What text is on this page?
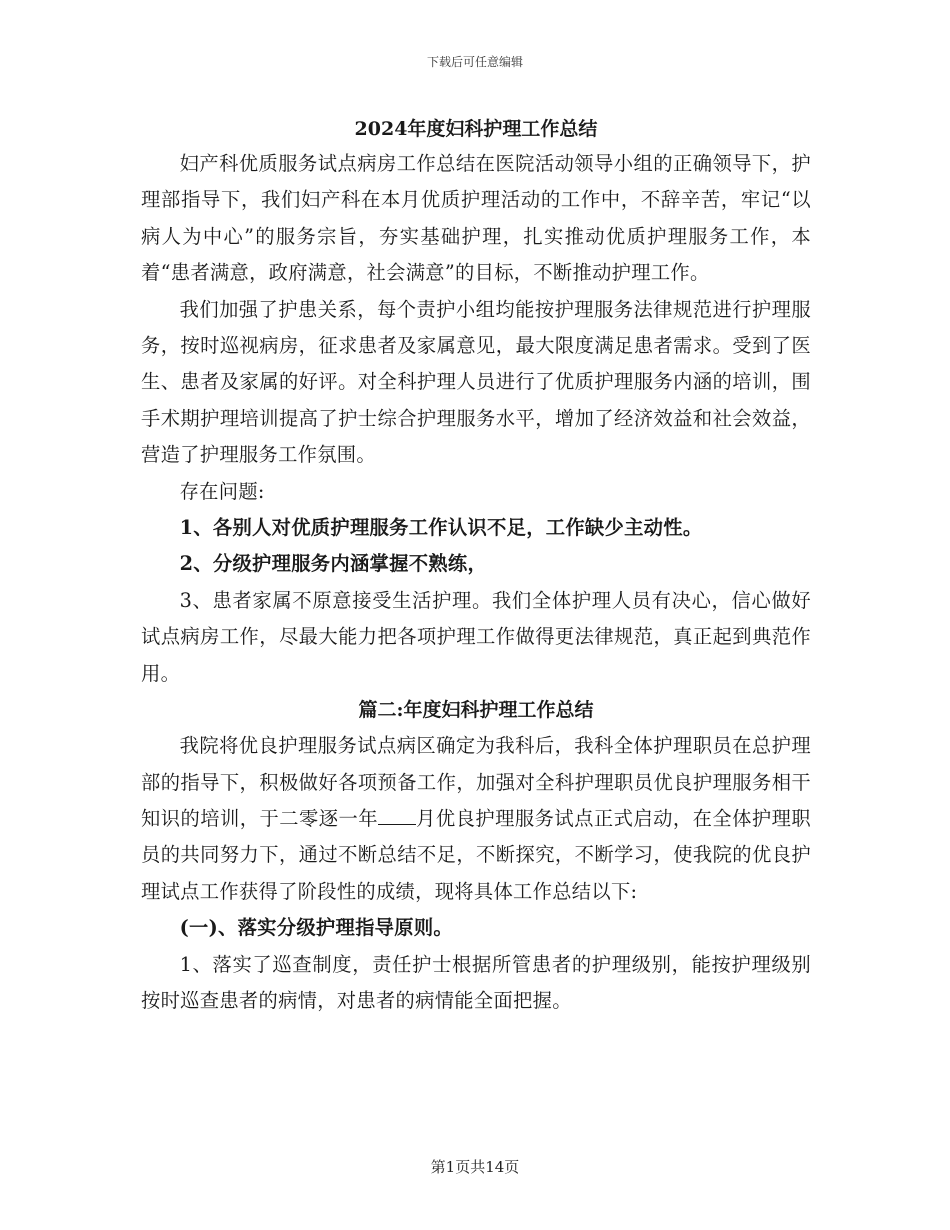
下载后可任意编辑
2024年度妇科护理工作总结
妇产科优质服务试点病房工作总结在医院活动领导小组的正确领导下，护理部指导下，我们妇产科在本月优质护理活动的工作中，不辞辛苦，牢记“以病人为中心”的服务宗旨，夯实基础护理，扎实推动优质护理服务工作，本着“患者满意，政府满意，社会满意”的目标，不断推动护理工作。
我们加强了护患关系，每个责护小组均能按护理服务法律规范进行护理服务，按时巡视病房，征求患者及家属意见，最大限度满足患者需求。受到了医生、患者及家属的好评。对全科护理人员进行了优质护理服务内涵的培训，围手术期护理培训提高了护士综合护理服务水平，增加了经济效益和社会效益，营造了护理服务工作氛围。
存在问题:
1、各别人对优质护理服务工作认识不足，工作缺少主动性。
2、分级护理服务内涵掌握不熟练，
3、患者家属不原意接受生活护理。我们全体护理人员有决心，信心做好试点病房工作，尽最大能力把各项护理工作做得更法律规范，真正起到典范作用。
篇二:年度妇科护理工作总结
我院将优良护理服务试点病区确定为我科后，我科全体护理职员在总护理部的指导下，积极做好各项预备工作，加强对全科护理职员优良护理服务相干知识的培训，于二零逐一年 月优良护理服务试点正式启动，在全体护理职员的共同努力下，通过不断总结不足，不断探究，不断学习，使我院的优良护理试点工作获得了阶段性的成绩，现将具体工作总结以下:
(一)、落实分级护理指导原则。
1、落实了巡查制度，责任护士根据所管患者的护理级别，能按护理级别按时巡查患者的病情，对患者的病情能全面把握。
第1页共14页
